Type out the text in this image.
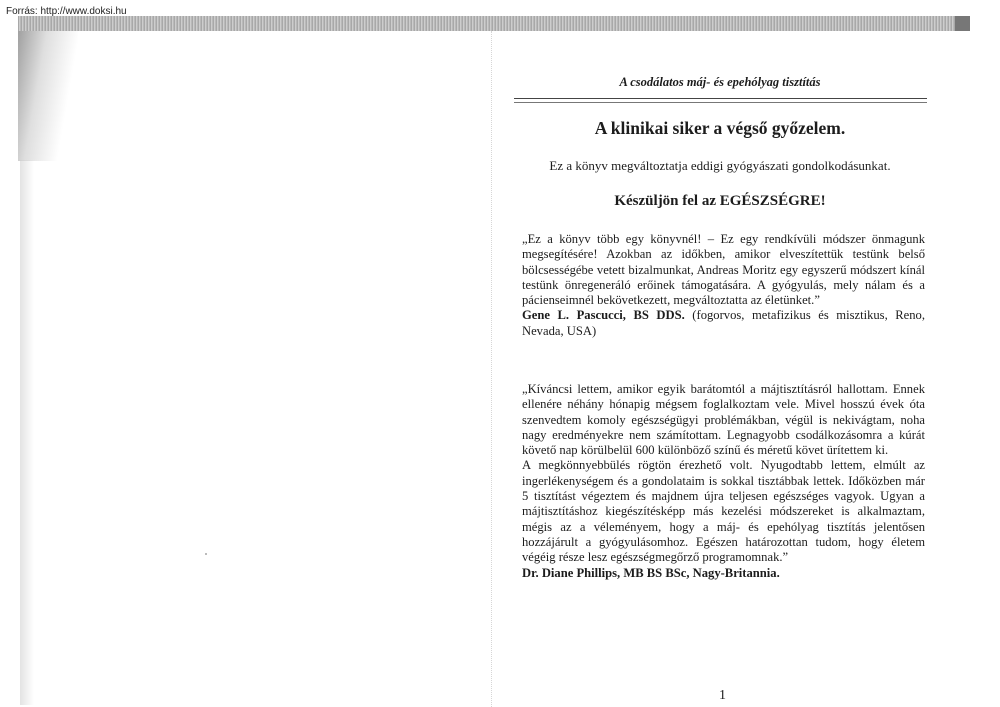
Forrás: http://www.doksi.hu
A csodálatos máj- és epehólyag tisztítás
A klinikai siker a végső győzelem.
Ez a könyv megváltoztatja eddigi gyógyászati gondolkodásunkat.
Készüljön fel az EGÉSZSÉGRE!

„Ez a könyv több egy könyvnél! – Ez egy rendkívüli módszer önmagunk megsegítésére! Azokban az időkben, amikor elveszítettük testünk belső bölcsességébe vetett bizalmunkat, Andreas Moritz egy egyszerű módszert kínál testünk önregeneráló erőinek támogatására. A gyógyulás, mely nálam és a pácienseimnél bekövetkezett, megváltoztatta az életünket.”

Gene L. Pascucci, BS DDS. (fogorvos, metafizikus és misztikus, Reno, Nevada, USA)

„Kíváncsi lettem, amikor egyik barátomtól a májtisztításról hallottam. Ennek ellenére néhány hónapig mégsem foglalkoztam vele. Mivel hosszú évek óta szenvedtem komoly egészségügyi problémákban, végül is nekivágtam, noha nagy eredményekre nem számítottam. Legnagyobb csodálkozásomra a kúrát követő nap körülbelül 600 különböző színű és méretű követ ürítettem ki.

A megkönnyebbülés rögtön érezhető volt. Nyugodtabb lettem, elmúlt az ingerlékenységem és a gondolataim is sokkal tisztábbak lettek. Időközben már 5 tisztítást végeztem és majdnem újra teljesen egészséges vagyok. Ugyan a májtisztításhoz kiegészítésképp más kezelési módszereket is alkalmaztam, mégis az a véleményem, hogy a máj- és epehólyag tisztítás jelentősen hozzájárult a gyógyulásomhoz. Egészen határozottan tudom, hogy életem végéig része lesz egészségmegőrző programomnak.”

Dr. Diane Phillips, MB BS BSc, Nagy-Britannia.

1
